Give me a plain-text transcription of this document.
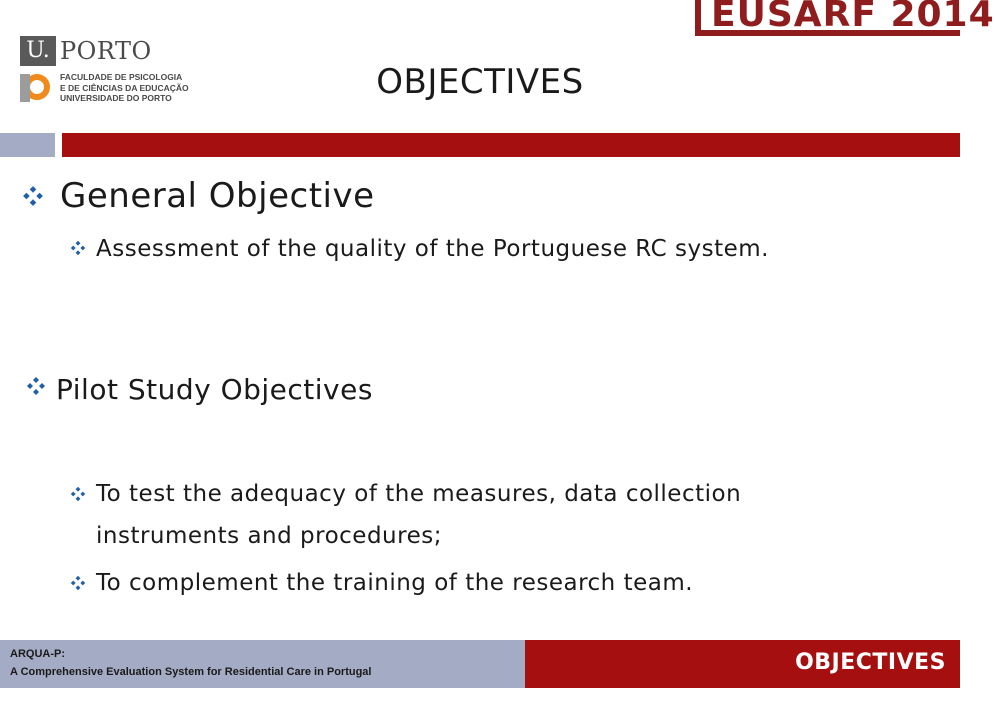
U. PORTO
FACULDADE DE PSICOLOGIA
E DE CIÊNCIAS DA EDUCAÇÃO
UNIVERSIDADE DO PORTO
EUSARF 2014
OBJECTIVES
General Objective
Assessment of the quality of the Portuguese RC system.
Pilot Study Objectives
To test the adequacy of the measures, data collection
instruments and procedures;
To complement the training of the research team.
ARQUA-P:
A Comprehensive Evaluation System for Residential Care in Portugal	OBJECTIVES
